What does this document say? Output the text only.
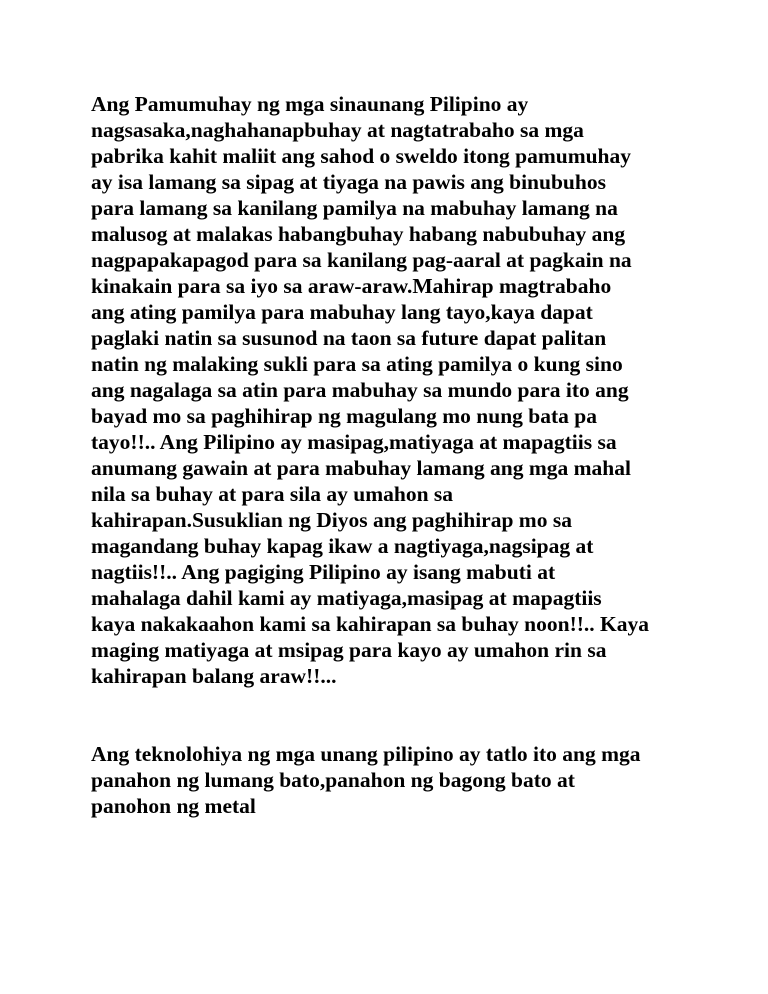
Ang Pamumuhay ng mga sinaunang Pilipino ay

nagsasaka,naghahanapbuhay at nagtatrabaho sa mga

pabrika kahit maliit ang sahod o sweldo itong pamumuhay

ay isa lamang sa sipag at tiyaga na pawis ang binubuhos

para lamang sa kanilang pamilya na mabuhay lamang na

malusog at malakas habangbuhay habang nabubuhay ang

nagpapakapagod para sa kanilang pag-aaral at pagkain na

kinakain para sa iyo sa araw-araw.Mahirap magtrabaho

ang ating pamilya para mabuhay lang tayo,kaya dapat

paglaki natin sa susunod na taon sa future dapat palitan

natin ng malaking sukli para sa ating pamilya o kung sino

ang nagalaga sa atin para mabuhay sa mundo para ito ang

bayad mo sa paghihirap ng magulang mo nung bata pa

tayo!!.. Ang Pilipino ay masipag,matiyaga at mapagtiis sa

anumang gawain at para mabuhay lamang ang mga mahal

nila sa buhay at para sila ay umahon sa

kahirapan.Susuklian ng Diyos ang paghihirap mo sa

magandang buhay kapag ikaw a nagtiyaga,nagsipag at

nagtiis!!.. Ang pagiging Pilipino ay isang mabuti at

mahalaga dahil kami ay matiyaga,masipag at mapagtiis

kaya nakakaahon kami sa kahirapan sa buhay noon!!.. Kaya

maging matiyaga at msipag para kayo ay umahon rin sa

kahirapan balang araw!!...

Ang teknolohiya ng mga unang pilipino ay tatlo ito ang mga

panahon ng lumang bato,panahon ng bagong bato at

panohon ng metal
